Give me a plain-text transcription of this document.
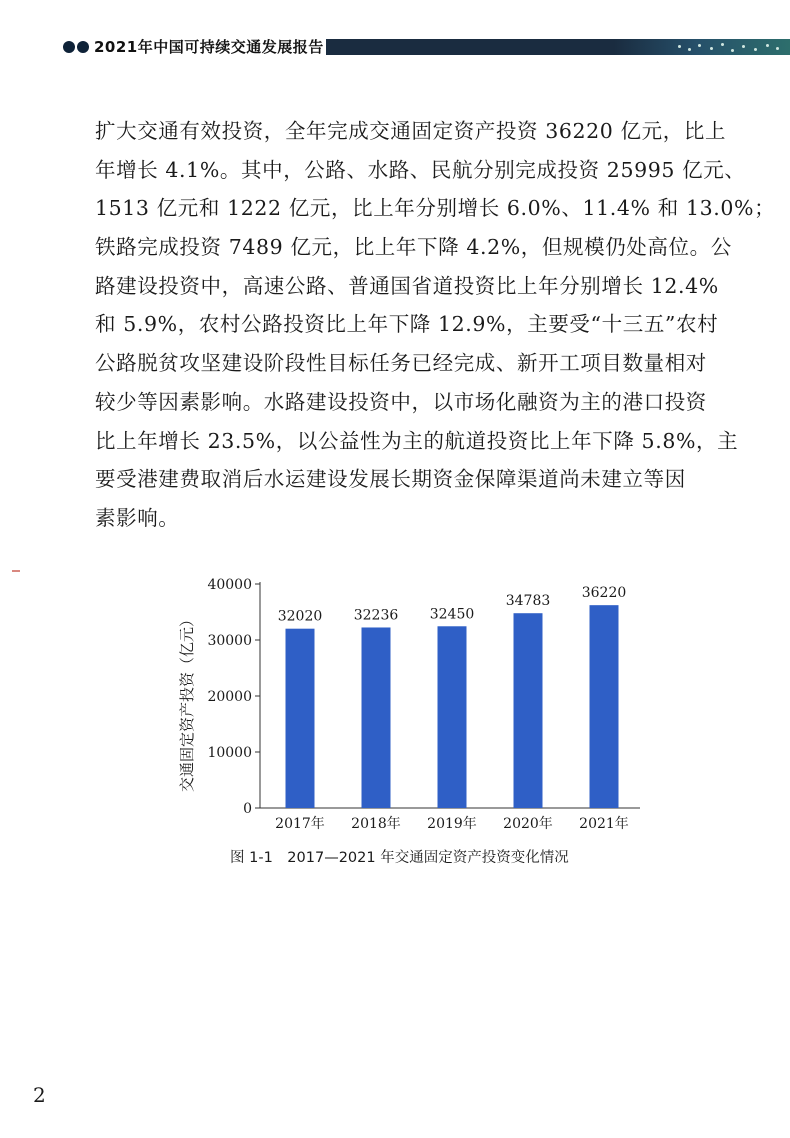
2021年中国可持续交通发展报告
扩大交通有效投资，全年完成交通固定资产投资 36220 亿元，比上
年增长 4.1%。其中，公路、水路、民航分别完成投资 25995 亿元、
1513 亿元和 1222 亿元，比上年分别增长 6.0%、11.4% 和 13.0%；
铁路完成投资 7489 亿元，比上年下降 4.2%，但规模仍处高位。公
路建设投资中，高速公路、普通国省道投资比上年分别增长 12.4%
和 5.9%，农村公路投资比上年下降 12.9%，主要受“十三五”农村
公路脱贫攻坚建设阶段性目标任务已经完成、新开工项目数量相对
较少等因素影响。水路建设投资中，以市场化融资为主的港口投资
比上年增长 23.5%，以公益性为主的航道投资比上年下降 5.8%，主
要受港建费取消后水运建设发展长期资金保障渠道尚未建立等因
素影响。
0
10000
20000
30000
40000
交通固定资产投资（亿元）	32020
2017年
32236
2018年
32450
2019年
34783
2020年
36220
2021年
图 1-1　2017—2021 年交通固定资产投资变化情况
2
